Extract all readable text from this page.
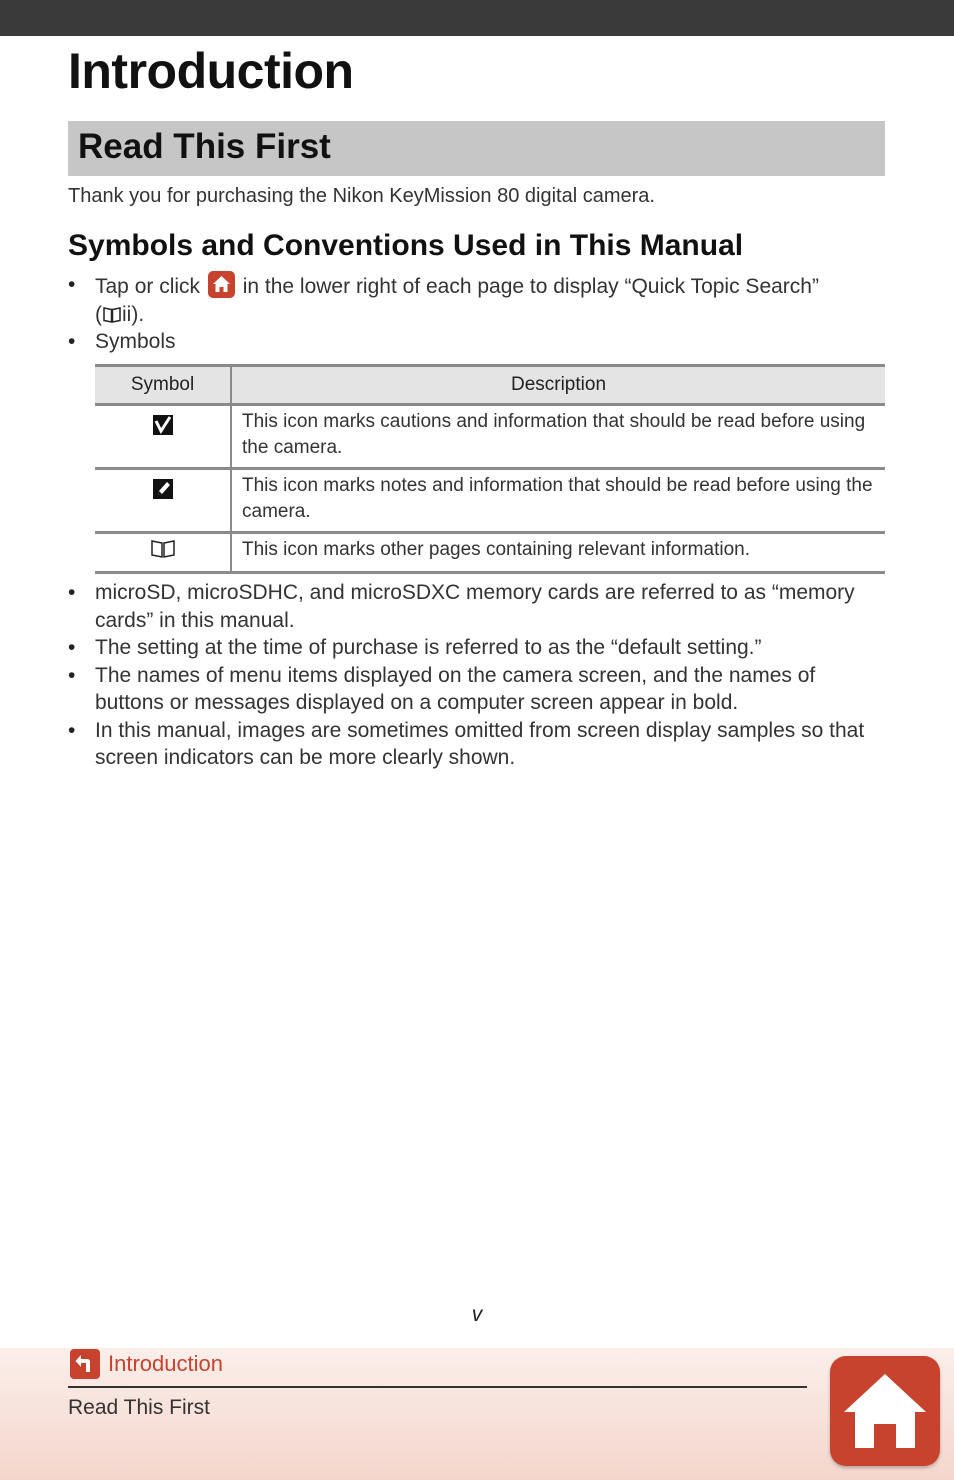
Introduction
Read This First

Thank you for purchasing the Nikon KeyMission 80 digital camera.

Symbols and Conventions Used in This Manual
• Tap or click in the lower right of each page to display “Quick Topic Search”
( ii).
• Symbols
Symbol	Description
	This icon marks cautions and information that should be read before using the camera.
	This icon marks notes and information that should be read before using the camera.
	This icon marks other pages containing relevant information.
• microSD, microSDHC, and microSDXC memory cards are referred to as “memory cards” in this manual.
• The setting at the time of purchase is referred to as the “default setting.”
• The names of menu items displayed on the camera screen, and the names of buttons or messages displayed on a computer screen appear in bold.
• In this manual, images are sometimes omitted from screen display samples so that screen indicators can be more clearly shown.
v
Introduction
Read This First
